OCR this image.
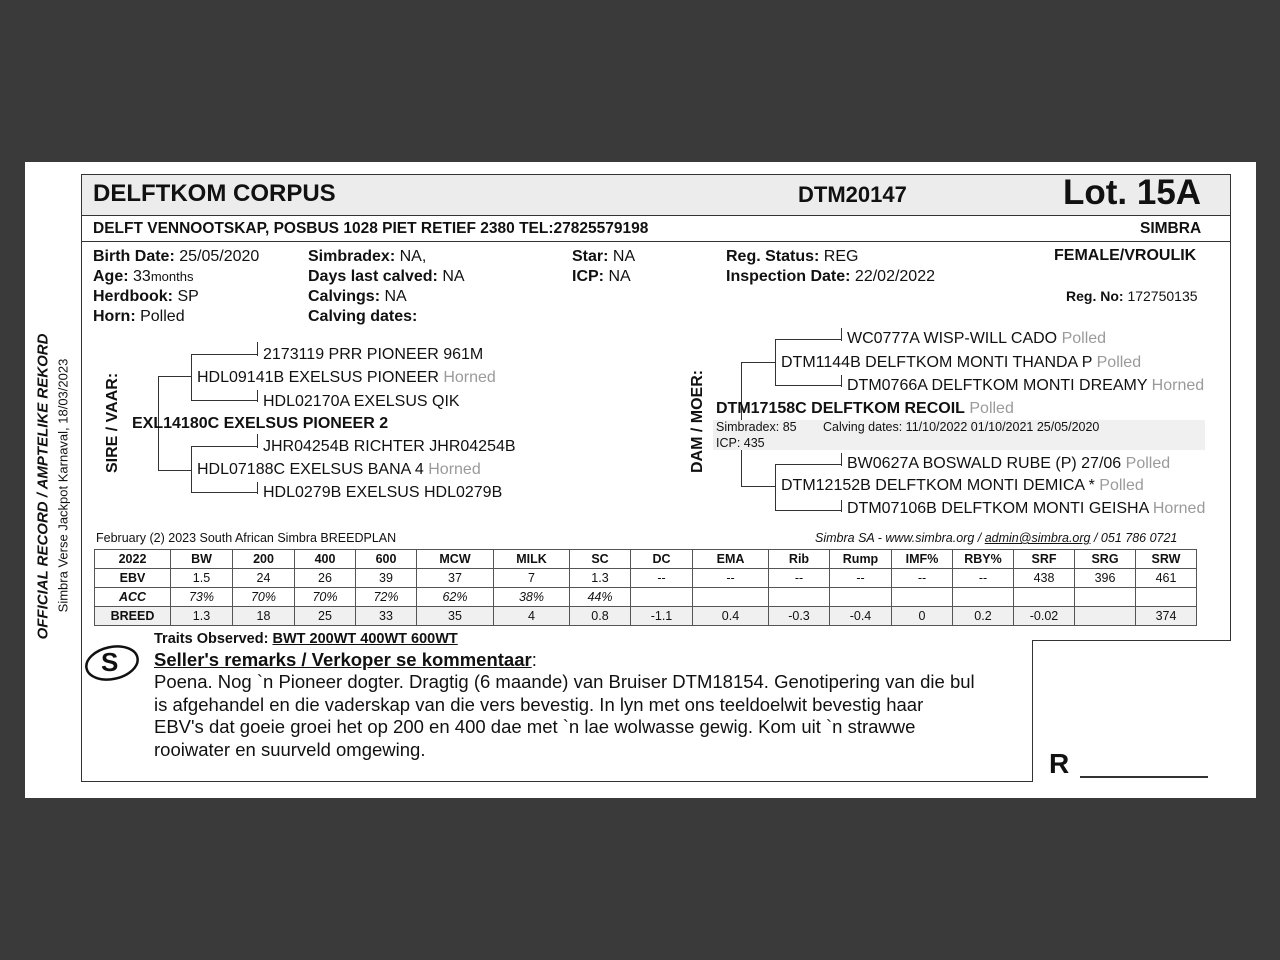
OFFICIAL RECORD / AMPTELIKE REKORD Simbra Verse Jackpot Karnaval, 18/03/2023
DELFTKOM CORPUS	DTM20147	Lot. 15A
DELFT VENNOOTSKAP, POSBUS 1028 PIET RETIEF 2380 TEL:27825579198	SIMBRA
Birth Date: 25/05/2020
Age: 33months
Herdbook: SP
Horn: Polled
Simbradex: NA,
Days last calved: NA
Calvings: NA
Calving dates:
Star: NA
ICP: NA
Reg. Status: REG
Inspection Date: 22/02/2022
FEMALE/VROULIK
Reg. No: 172750135
SIRE / VAAR: EXL14180C EXELSUS PIONEER 2
2173119 PRR PIONEER 961M
HDL09141B EXELSUS PIONEER Horned
HDL02170A EXELSUS QIK
JHR04254B RICHTER JHR04254B
HDL07188C EXELSUS BANA 4 Horned
HDL0279B EXELSUS HDL0279B
DAM / MOER: DTM17158C DELFTKOM RECOIL Polled
Simbradex: 85 Calving dates: 11/10/2022 01/10/2021 25/05/2020
ICP: 435
WC0777A WISP-WILL CADO Polled
DTM1144B DELFTKOM MONTI THANDA P Polled
DTM0766A DELFTKOM MONTI DREAMY Horned
BW0627A BOSWALD RUBE (P) 27/06 Polled
DTM12152B DELFTKOM MONTI DEMICA * Polled
DTM07106B DELFTKOM MONTI GEISHA Horned
February (2) 2023 South African Simbra BREEDPLAN	Simbra SA - www.simbra.org / admin@simbra.org / 051 786 0721
2022	BW	200	400	600	MCW	MILK	SC	DC	EMA	Rib	Rump	IMF%	RBY%	SRF	SRG	SRW
EBV	1.5	24	26	39	37	7	1.3	--	--	--	--	--	--	438	396	461
ACC	73%	70%	70%	72%	62%	38%	44%									
BREED	1.3	18	25	33	35	4	0.8	-1.1	0.4	-0.3	-0.4	0	0.2	-0.02		374
Traits Observed: BWT 200WT 400WT 600WT
S Seller's remarks / Verkoper se kommentaar:
Poena. Nog `n Pioneer dogter. Dragtig (6 maande) van Bruiser DTM18154. Genotipering van die bul
is afgehandel en die vaderskap van die vers bevestig. In lyn met ons teeldoelwit bevestig haar
EBV's dat goeie groei het op 200 en 400 dae met `n lae wolwasse gewig. Kom uit `n strawwe
rooiwater en suurveld omgewing.	R
